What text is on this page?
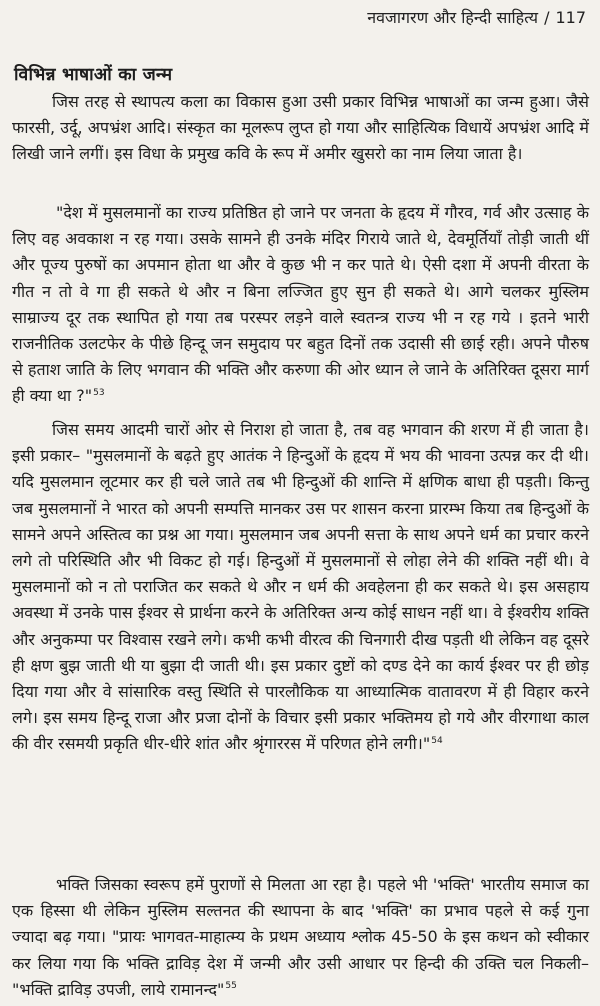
नवजागरण और हिन्दी साहित्य / 117
विभिन्न भाषाओं का जन्म

जिस तरह से स्थापत्य कला का विकास हुआ उसी प्रकार विभिन्न भाषाओं का जन्म हुआ। जैसे फारसी, उर्दू, अपभ्रंश आदि। संस्कृत का मूलरूप लुप्त हो गया और साहित्यिक विधायें अपभ्रंश आदि में लिखी जाने लगीं। इस विधा के प्रमुख कवि के रूप में अमीर खुसरो का नाम लिया जाता है।

"देश में मुसलमानों का राज्य प्रतिष्ठित हो जाने पर जनता के हृदय में गौरव, गर्व और उत्साह के लिए वह अवकाश न रह गया। उसके सामने ही उनके मंदिर गिराये जाते थे, देवमूर्तियाँ तोड़ी जाती थीं और पूज्य पुरुषों का अपमान होता था और वे कुछ भी न कर पाते थे। ऐसी दशा में अपनी वीरता के गीत न तो वे गा ही सकते थे और न बिना लज्जित हुए सुन ही सकते थे। आगे चलकर मुस्लिम साम्राज्य दूर तक स्थापित हो गया तब परस्पर लड़ने वाले स्वतन्त्र राज्य भी न रह गये । इतने भारी राजनीतिक उलटफेर के पीछे हिन्दू जन समुदाय पर बहुत दिनों तक उदासी सी छाई रही। अपने पौरुष से हताश जाति के लिए भगवान की भक्ति और करुणा की ओर ध्यान ले जाने के अतिरिक्त दूसरा मार्ग ही क्या था ?"$^{53}$

जिस समय आदमी चारों ओर से निराश हो जाता है, तब वह भगवान की शरण में ही जाता है। इसी प्रकार– "मुसलमानों के बढ़ते हुए आतंक ने हिन्दुओं के हृदय में भय की भावना उत्पन्न कर दी थी। यदि मुसलमान लूटमार कर ही चले जाते तब भी हिन्दुओं की शान्ति में क्षणिक बाधा ही पड़ती। किन्तु जब मुसलमानों ने भारत को अपनी सम्पत्ति मानकर उस पर शासन करना प्रारम्भ किया तब हिन्दुओं के सामने अपने अस्तित्व का प्रश्न आ गया। मुसलमान जब अपनी सत्ता के साथ अपने धर्म का प्रचार करने लगे तो परिस्थिति और भी विकट हो गई। हिन्दुओं में मुसलमानों से लोहा लेने की शक्ति नहीं थी। वे मुसलमानों को न तो पराजित कर सकते थे और न धर्म की अवहेलना ही कर सकते थे। इस असहाय अवस्था में उनके पास ईश्वर से प्रार्थना करने के अतिरिक्त अन्य कोई साधन नहीं था। वे ईश्वरीय शक्ति और अनुकम्पा पर विश्वास रखने लगे। कभी कभी वीरत्व की चिनगारी दीख पड़ती थी लेकिन वह दूसरे ही क्षण बुझ जाती थी या बुझा दी जाती थी। इस प्रकार दुष्टों को दण्ड देने का कार्य ईश्वर पर ही छोड़ दिया गया और वे सांसारिक वस्तु स्थिति से पारलौकिक या आध्यात्मिक वातावरण में ही विहार करने लगे। इस समय हिन्दू राजा और प्रजा दोनों के विचार इसी प्रकार भक्तिमय हो गये और वीरगाथा काल की वीर रसमयी प्रकृति धीर-धीरे शांत और श्रृंगाररस में परिणत होने लगी।"$^{54}$

भक्ति जिसका स्वरूप हमें पुराणों से मिलता आ रहा है। पहले भी 'भक्ति' भारतीय समाज का एक हिस्सा थी लेकिन मुस्लिम सल्तनत की स्थापना के बाद 'भक्ति' का प्रभाव पहले से कई गुना ज्यादा बढ़ गया। "प्रायः भागवत-माहात्म्य के प्रथम अध्याय श्लोक 45-50 के इस कथन को स्वीकार कर लिया गया कि भक्ति द्राविड़ देश में जन्मी और उसी आधार पर हिन्दी की उक्ति चल निकली– "भक्ति द्राविड़ उपजी, लाये रामानन्द"$^{55}$
